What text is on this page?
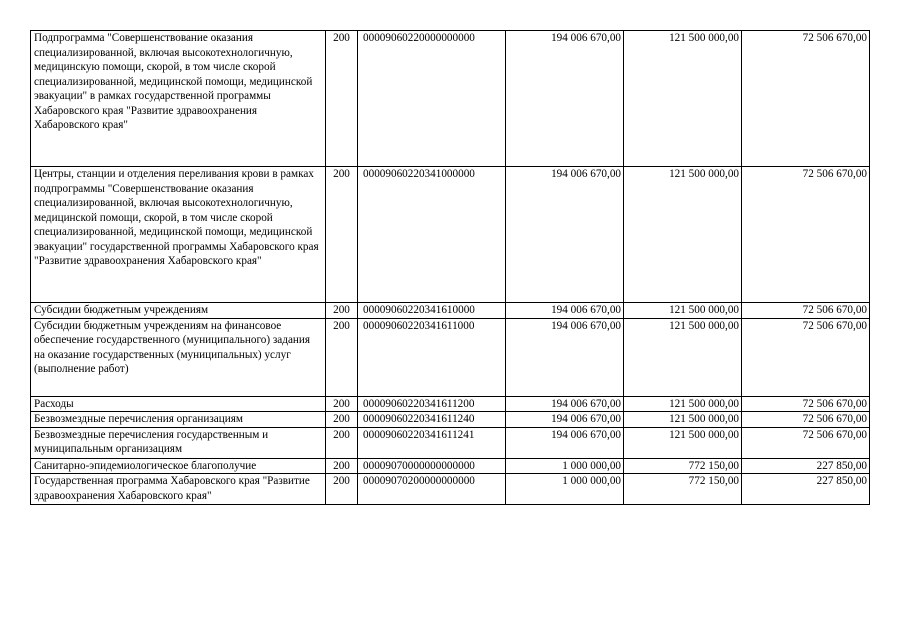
Подпрограмма "Совершенствование оказания специализированной, включая высокотехнологичную, медицинскую помощи, скорой, в том числе скорой специализированной, медицинской помощи, медицинской эвакуации" в рамках государственной программы Хабаровского края "Развитие здравоохранения Хабаровского края"	200	00009060220000000000	194 006 670,00	121 500 000,00	72 506 670,00
Центры, станции и отделения переливания крови в рамках подпрограммы "Совершенствование оказания специализированной, включая высокотехнологичную, медицинской помощи, скорой, в том числе скорой специализированной, медицинской помощи, медицинской эвакуации" государственной программы Хабаровского края "Развитие здравоохранения Хабаровского края"	200	00009060220341000000	194 006 670,00	121 500 000,00	72 506 670,00
Субсидии бюджетным учреждениям	200	00009060220341610000	194 006 670,00	121 500 000,00	72 506 670,00
Субсидии бюджетным учреждениям на финансовое обеспечение государственного (муниципального) задания на оказание государственных (муниципальных) услуг (выполнение работ)	200	00009060220341611000	194 006 670,00	121 500 000,00	72 506 670,00
Расходы	200	00009060220341611200	194 006 670,00	121 500 000,00	72 506 670,00
Безвозмездные перечисления организациям	200	00009060220341611240	194 006 670,00	121 500 000,00	72 506 670,00
Безвозмездные перечисления государственным и муниципальным организациям	200	00009060220341611241	194 006 670,00	121 500 000,00	72 506 670,00
Санитарно-эпидемиологическое благополучие	200	00009070000000000000	1 000 000,00	772 150,00	227 850,00
Государственная программа Хабаровского края "Развитие здравоохранения Хабаровского края"	200	00009070200000000000	1 000 000,00	772 150,00	227 850,00
